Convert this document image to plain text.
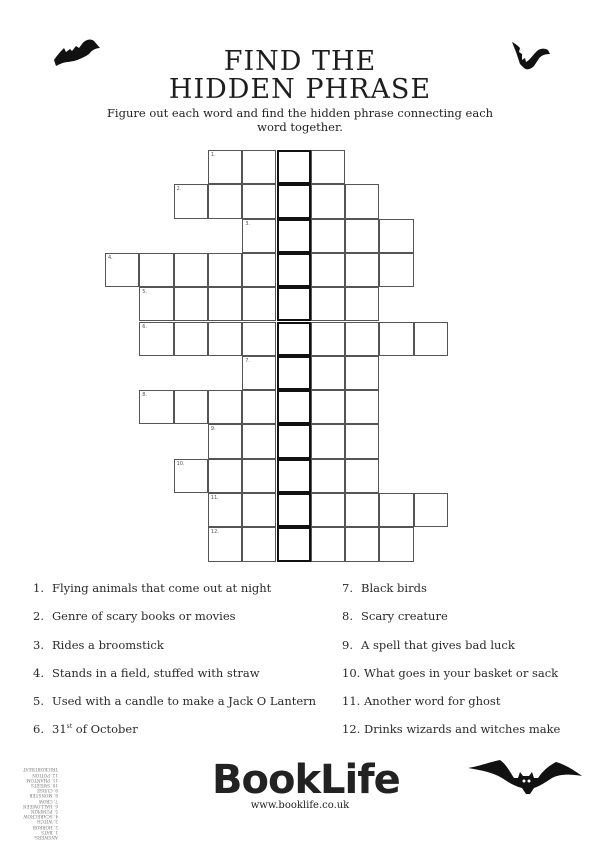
FIND THE
HIDDEN PHRASE
Figure out each word and find the hidden phrase connecting each
word together.
1.
2.
3.
4.
5.
6.
7.
8.
9.
10.
11.
12.
1. Flying animals that come out at night
2. Genre of scary books or movies
3. Rides a broomstick
4. Stands in a field, stuffed with straw
5. Used with a candle to make a Jack O Lantern
6. 31st of October
7. Black birds
8. Scary creature
9. A spell that gives bad luck
10. What goes in your basket or sack
11. Another word for ghost
12. Drinks wizards and witches make
ANSWERS:
1. BATS
2. HORROR
3. WITCH
4. SCARECROW
5. PUMPKIN
6. HALLOWEEN
7. CROW
8. MONSTER
9. CURSE
10. SWEETS
11. PHANTOM
12. POTION
TRICKORTREAT	BookLife
www.booklife.co.uk
